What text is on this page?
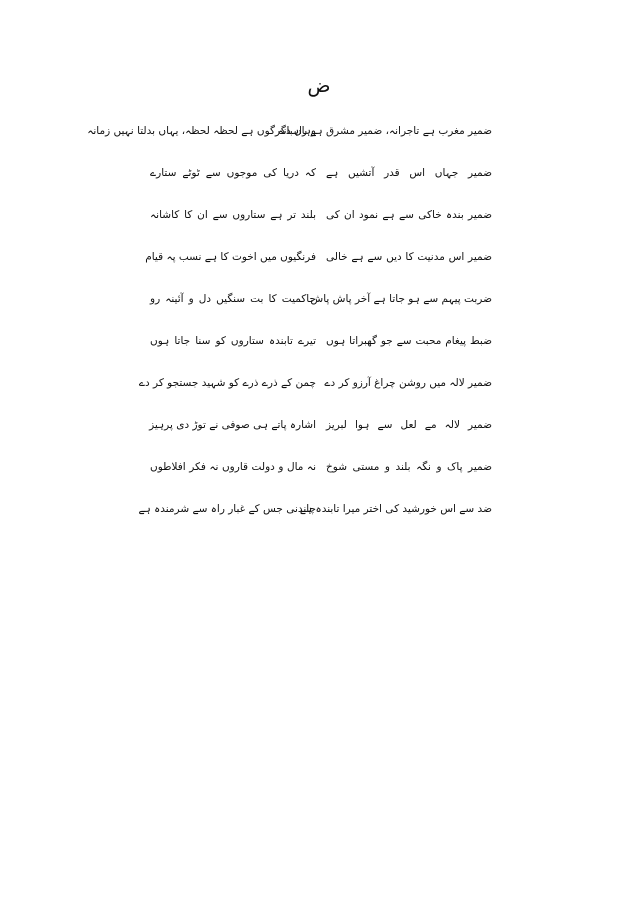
ض
ضمیر مغرب ہے تاجرانہ، ضمیر مشرق ہے راہبانہ
وہاں دگرگوں ہے لحظہ لحظہ، یہاں بدلتا نہیں زمانہ
ضمیر جہاں اس قدر آتشیں ہے
کہ دریا کی موجوں سے ٹوٹے ستارے
ضمیر بندہ خاکی سے ہے نمود ان کی
بلند تر ہے ستاروں سے ان کا کاشانہ
ضمیر اس مدنیت کا دیں سے ہے خالی
فرنگیوں میں اخوت کا ہے نسب پہ قیام
ضربت پیہم سے ہو جاتا ہے آخر پاش پاش
حاکمیت کا بت سنگیں دل و آئینہ رو
ضبط پیغام محبت سے جو گھبراتا ہوں
تیرے تابندہ ستاروں کو سنا جاتا ہوں
ضمیر لالہ میں روشن چراغ آرزو کر دے
چمن کے ذرے ذرے کو شہید جستجو کر دے
ضمیر لالہ مے لعل سے ہوا لبریز
اشارہ پاتے ہی صوفی نے توڑ دی پرہیز
ضمیر پاک و نگہ بلند و مستی شوخ
نہ مال و دولت قاروں نہ فکر افلاطوں
ضد سے اس خورشید کی اختر میرا تابندہ ہے
چاندنی جس کے غبار راہ سے شرمندہ ہے
